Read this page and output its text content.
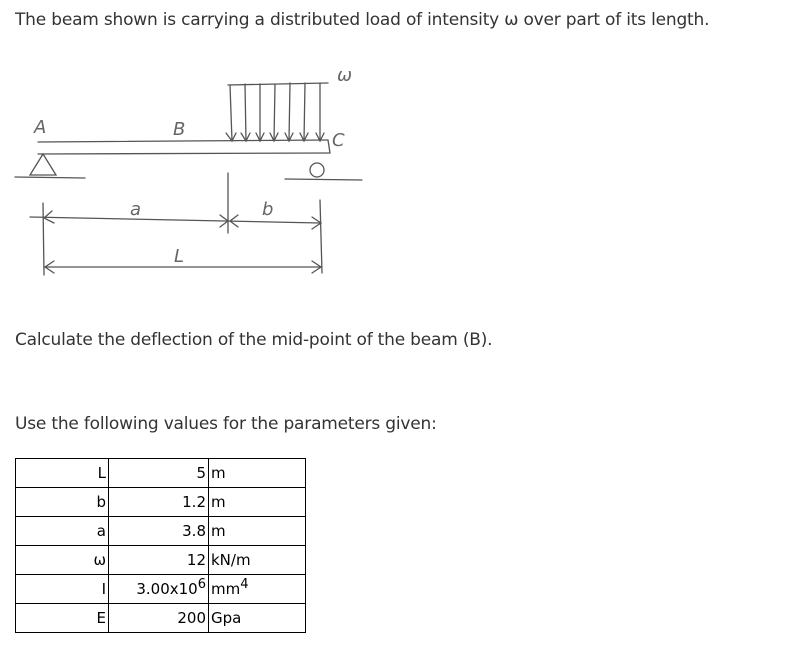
The beam shown is carrying a distributed load of intensity ω over part of its length.

A	B
C
ω
a	b
L

Calculate the deflection of the mid-point of the beam (B).

Use the following values for the parameters given:

L	5	m
b	1.2	m
a	3.8	m
ω	12	kN/m
I	$3.00x10^6$	$mm^4$
E	200	Gpa
